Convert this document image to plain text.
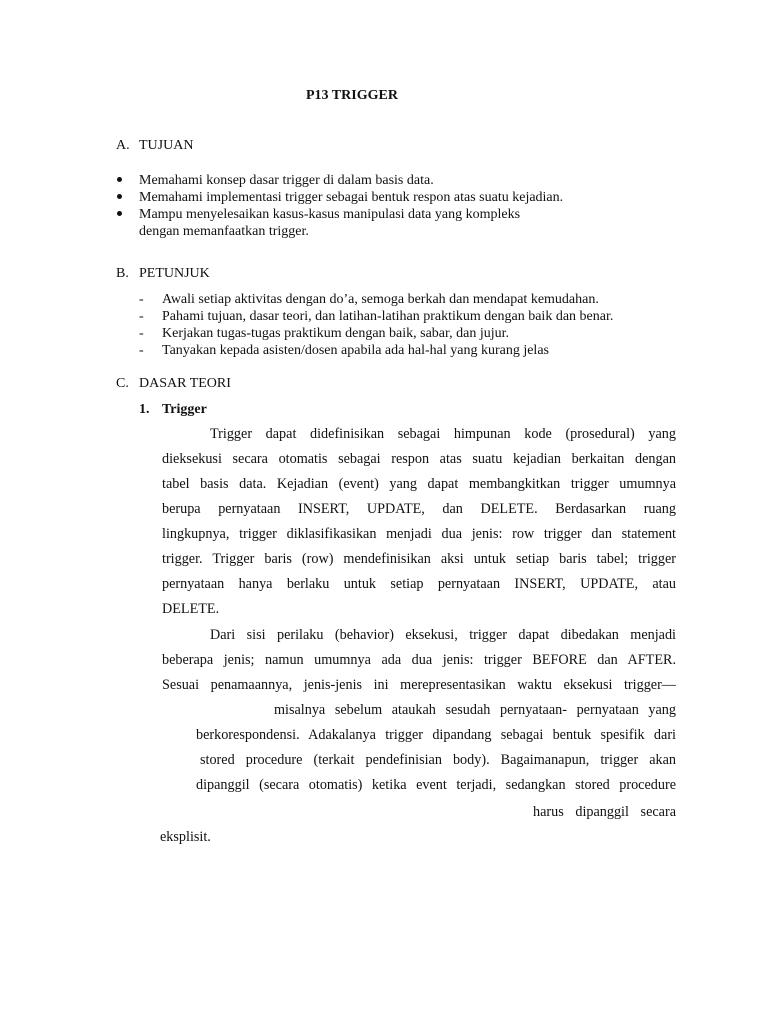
P13 TRIGGER
A. TUJUAN
Memahami konsep dasar trigger di dalam basis data.
Memahami implementasi trigger sebagai bentuk respon atas suatu kejadian.
Mampu menyelesaikan kasus-kasus manipulasi data yang kompleks
dengan memanfaatkan trigger.
B. PETUNJUK
- Awali setiap aktivitas dengan do’a, semoga berkah dan mendapat kemudahan.
- Pahami tujuan, dasar teori, dan latihan-latihan praktikum dengan baik dan benar.
- Kerjakan tugas-tugas praktikum dengan baik, sabar, dan jujur.
- Tanyakan kepada asisten/dosen apabila ada hal-hal yang kurang jelas
C. DASAR TEORI
1. Trigger
Trigger dapat didefinisikan sebagai himpunan kode (prosedural) yang
dieksekusi secara otomatis sebagai respon atas suatu kejadian berkaitan dengan
tabel basis data. Kejadian (event) yang dapat membangkitkan trigger umumnya
berupa pernyataan INSERT, UPDATE, dan DELETE. Berdasarkan ruang
lingkupnya, trigger diklasifikasikan menjadi dua jenis: row trigger dan statement
trigger. Trigger baris (row) mendefinisikan aksi untuk setiap baris tabel; trigger
pernyataan hanya berlaku untuk setiap pernyataan INSERT, UPDATE, atau
DELETE.
Dari sisi perilaku (behavior) eksekusi, trigger dapat dibedakan menjadi
beberapa jenis; namun umumnya ada dua jenis: trigger BEFORE dan AFTER.
Sesuai penamaannya, jenis-jenis ini merepresentasikan waktu eksekusi trigger—
misalnya sebelum ataukah sesudah pernyataan- pernyataan yang
berkorespondensi. Adakalanya trigger dipandang sebagai bentuk spesifik dari
stored procedure (terkait pendefinisian body). Bagaimanapun, trigger akan
dipanggil (secara otomatis) ketika event terjadi, sedangkan stored procedure
harus dipanggil secara
eksplisit.
